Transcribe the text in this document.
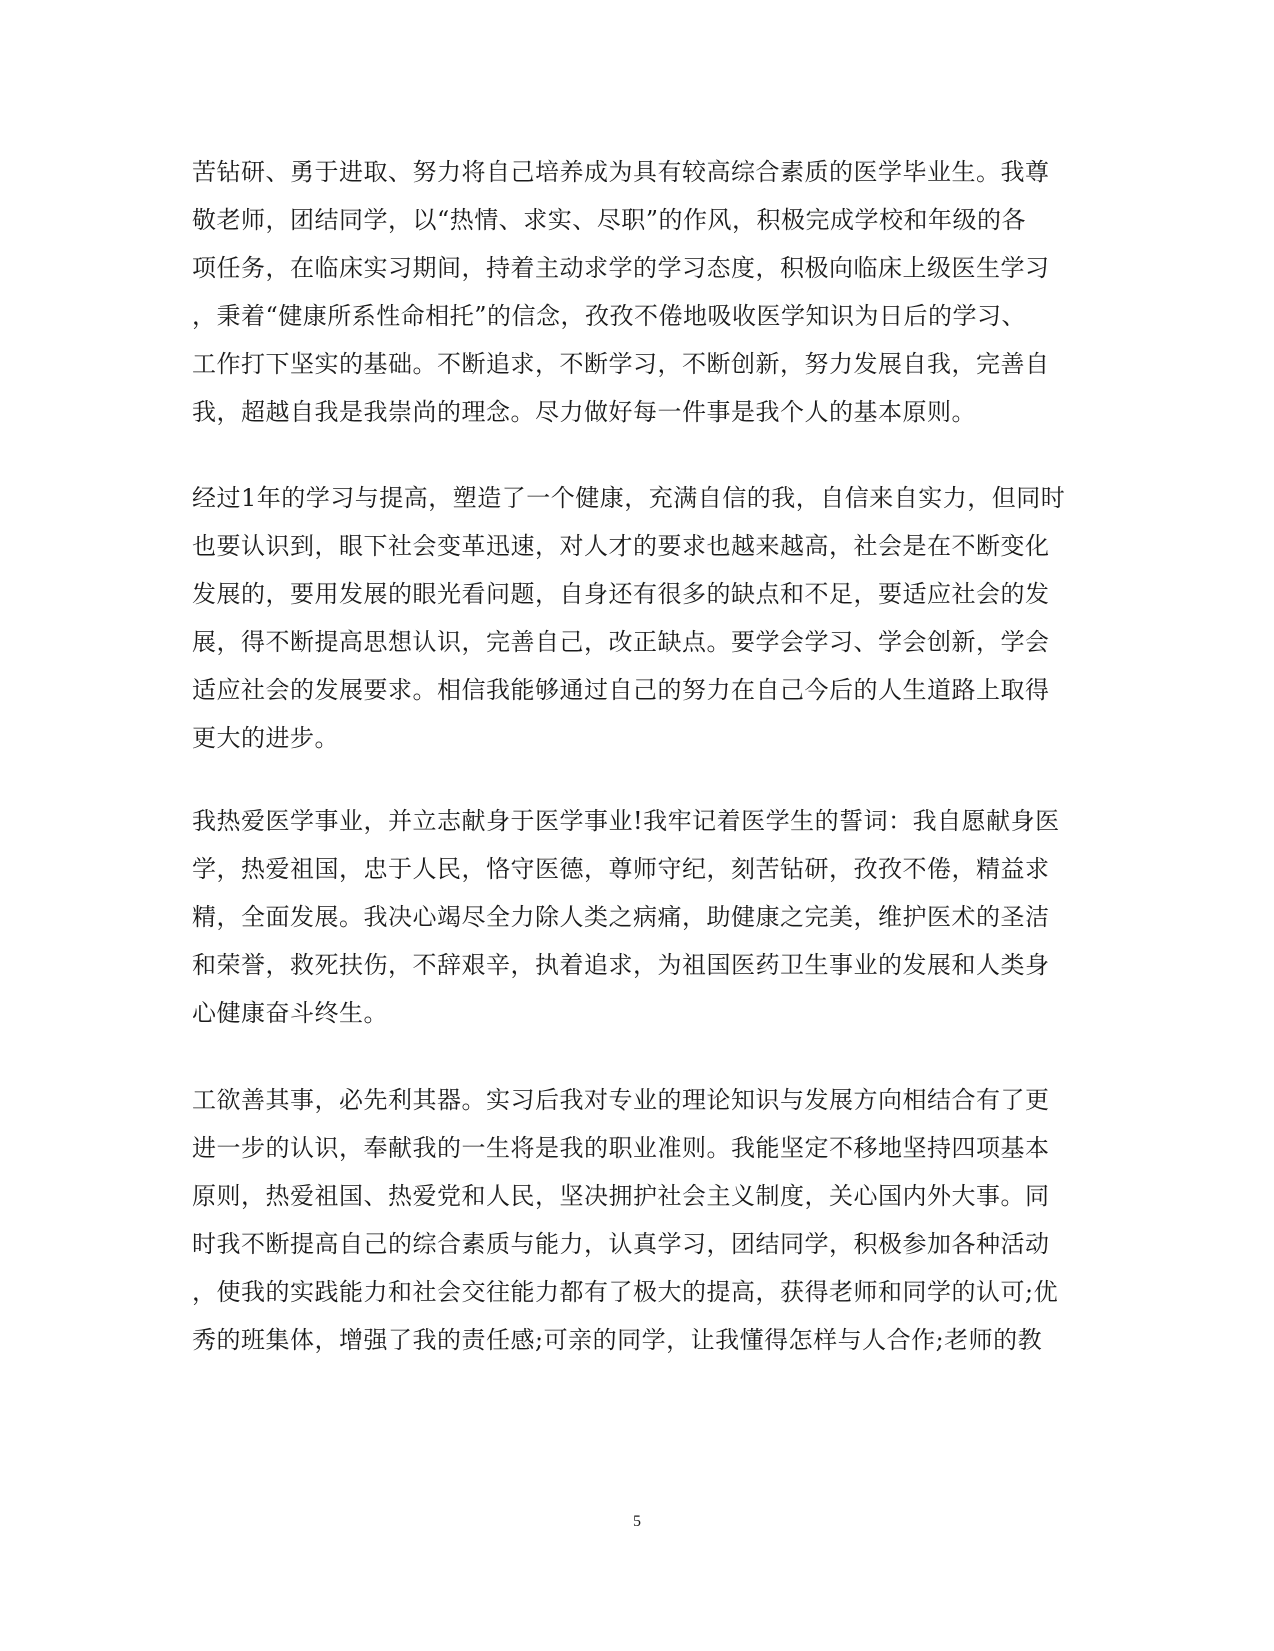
苦钻研、勇于进取、努力将自己培养成为具有较高综合素质的医学毕业生。我尊
敬老师，团结同学，以“热情、求实、尽职”的作风，积极完成学校和年级的各
项任务，在临床实习期间，持着主动求学的学习态度，积极向临床上级医生学习
，秉着“健康所系性命相托”的信念，孜孜不倦地吸收医学知识为日后的学习、
工作打下坚实的基础。不断追求，不断学习，不断创新，努力发展自我，完善自
我，超越自我是我崇尚的理念。尽力做好每一件事是我个人的基本原则。
经过1年的学习与提高，塑造了一个健康，充满自信的我，自信来自实力，但同时
也要认识到，眼下社会变革迅速，对人才的要求也越来越高，社会是在不断变化
发展的，要用发展的眼光看问题，自身还有很多的缺点和不足，要适应社会的发
展，得不断提高思想认识，完善自己，改正缺点。要学会学习、学会创新，学会
适应社会的发展要求。相信我能够通过自己的努力在自己今后的人生道路上取得
更大的进步。
我热爱医学事业，并立志献身于医学事业!我牢记着医学生的誓词：我自愿献身医
学，热爱祖国，忠于人民，恪守医德，尊师守纪，刻苦钻研，孜孜不倦，精益求
精，全面发展。我决心竭尽全力除人类之病痛，助健康之完美，维护医术的圣洁
和荣誉，救死扶伤，不辞艰辛，执着追求，为祖国医药卫生事业的发展和人类身
心健康奋斗终生。
工欲善其事，必先利其器。实习后我对专业的理论知识与发展方向相结合有了更
进一步的认识，奉献我的一生将是我的职业准则。我能坚定不移地坚持四项基本
原则，热爱祖国、热爱党和人民，坚决拥护社会主义制度，关心国内外大事。同
时我不断提高自己的综合素质与能力，认真学习，团结同学，积极参加各种活动
，使我的实践能力和社会交往能力都有了极大的提高，获得老师和同学的认可;优
秀的班集体，增强了我的责任感;可亲的同学，让我懂得怎样与人合作;老师的教
5
